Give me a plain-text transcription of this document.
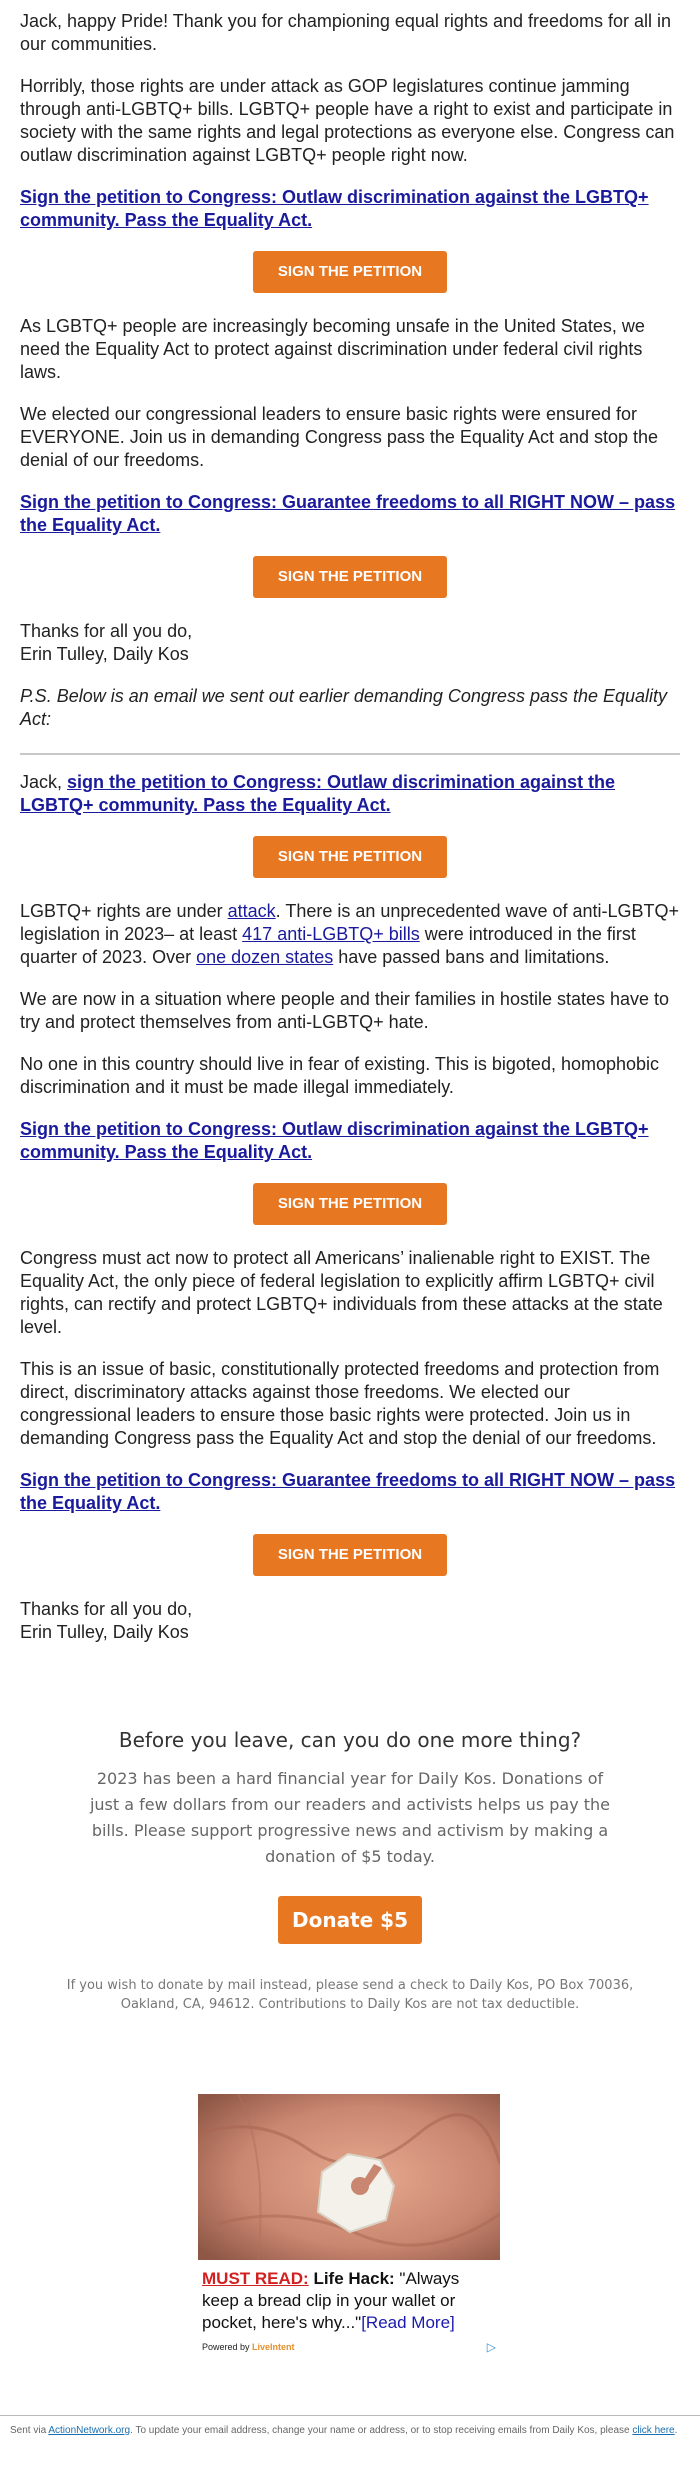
Jack, happy Pride! Thank you for championing equal rights and freedoms for all in our communities.

Horribly, those rights are under attack as GOP legislatures continue jamming through anti-LGBTQ+ bills. LGBTQ+ people have a right to exist and participate in society with the same rights and legal protections as everyone else. Congress can outlaw discrimination against LGBTQ+ people right now.

Sign the petition to Congress: Outlaw discrimination against the LGBTQ+ community. Pass the Equality Act.

SIGN THE PETITION

As LGBTQ+ people are increasingly becoming unsafe in the United States, we need the Equality Act to protect against discrimination under federal civil rights laws.

We elected our congressional leaders to ensure basic rights were ensured for EVERYONE. Join us in demanding Congress pass the Equality Act and stop the denial of our freedoms.

Sign the petition to Congress: Guarantee freedoms to all RIGHT NOW – pass the Equality Act.

SIGN THE PETITION

Thanks for all you do,
Erin Tulley, Daily Kos

P.S. Below is an email we sent out earlier demanding Congress pass the Equality Act:

Jack, sign the petition to Congress: Outlaw discrimination against the LGBTQ+ community. Pass the Equality Act.

SIGN THE PETITION

LGBTQ+ rights are under attack. There is an unprecedented wave of anti-LGBTQ+ legislation in 2023– at least 417 anti-LGBTQ+ bills were introduced in the first quarter of 2023. Over one dozen states have passed bans and limitations.

We are now in a situation where people and their families in hostile states have to try and protect themselves from anti-LGBTQ+ hate.

No one in this country should live in fear of existing. This is bigoted, homophobic discrimination and it must be made illegal immediately.

Sign the petition to Congress: Outlaw discrimination against the LGBTQ+ community. Pass the Equality Act.

SIGN THE PETITION

Congress must act now to protect all Americans’ inalienable right to EXIST. The Equality Act, the only piece of federal legislation to explicitly affirm LGBTQ+ civil rights, can rectify and protect LGBTQ+ individuals from these attacks at the state level.

This is an issue of basic, constitutionally protected freedoms and protection from direct, discriminatory attacks against those freedoms. We elected our congressional leaders to ensure those basic rights were protected. Join us in demanding Congress pass the Equality Act and stop the denial of our freedoms.

Sign the petition to Congress: Guarantee freedoms to all RIGHT NOW – pass the Equality Act.

SIGN THE PETITION

Thanks for all you do,
Erin Tulley, Daily Kos

Before you leave, can you do one more thing?
2023 has been a hard financial year for Daily Kos. Donations of just a few dollars from our readers and activists helps us pay the bills. Please support progressive news and activism by making a donation of $5 today.
Donate $5
If you wish to donate by mail instead, please send a check to Daily Kos, PO Box 70036, Oakland, CA, 94612. Contributions to Daily Kos are not tax deductible.
MUST READ: Life Hack: "Always keep a bread clip in your wallet or pocket, here's why..."[Read More]
Powered by LiveIntent	▷
Sent via ActionNetwork.org. To update your email address, change your name or address, or to stop receiving emails from Daily Kos, please click here.
